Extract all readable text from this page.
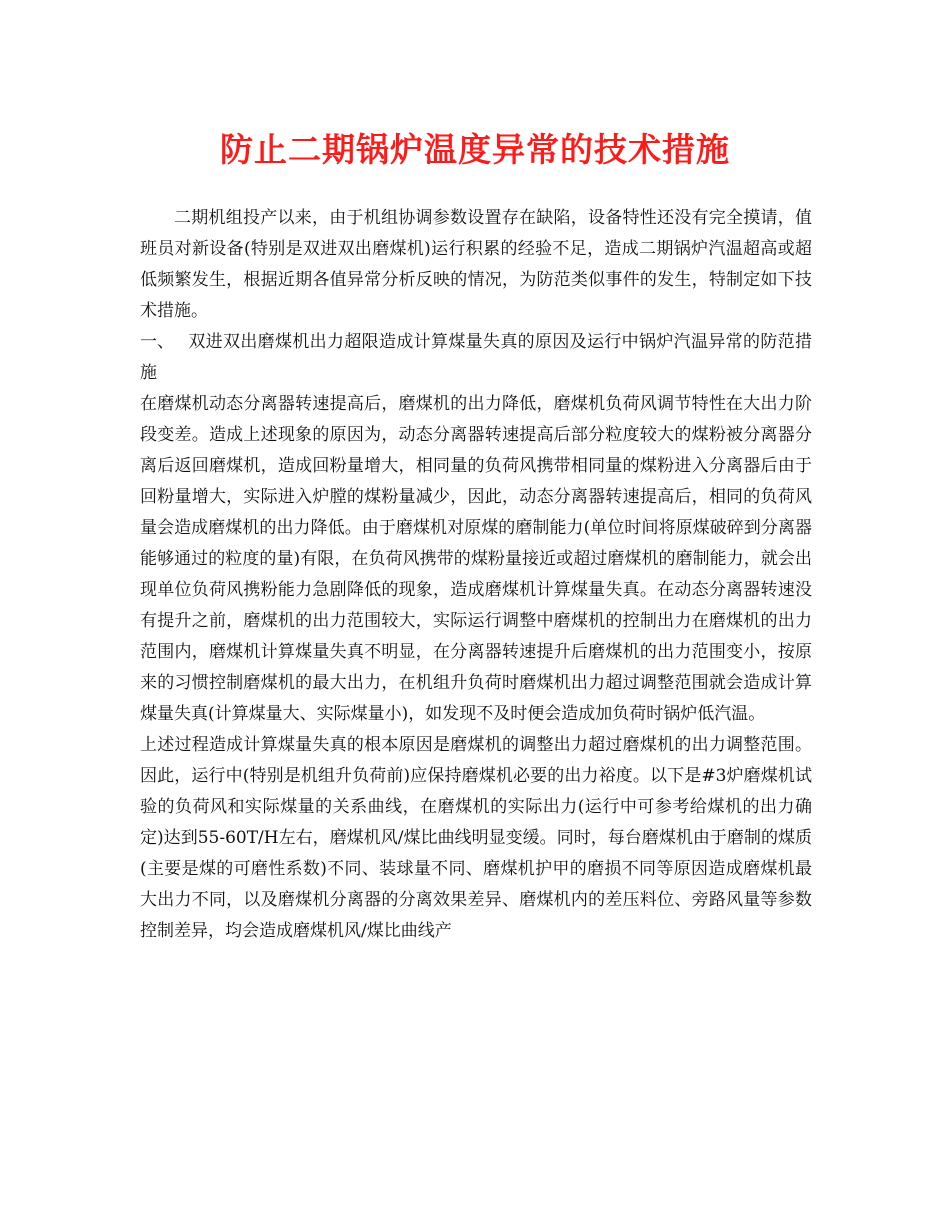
防止二期锅炉温度异常的技术措施

二期机组投产以来，由于机组协调参数设置存在缺陷，设备特性还没有完全摸请，值班员对新设备(特别是双进双出磨煤机)运行积累的经验不足，造成二期锅炉汽温超高或超低频繁发生，根据近期各值异常分析反映的情况，为防范类似事件的发生，特制定如下技术措施。

一、 双进双出磨煤机出力超限造成计算煤量失真的原因及运行中锅炉汽温异常的防范措施

在磨煤机动态分离器转速提高后，磨煤机的出力降低，磨煤机负荷风调节特性在大出力阶段变差。造成上述现象的原因为，动态分离器转速提高后部分粒度较大的煤粉被分离器分离后返回磨煤机，造成回粉量增大，相同量的负荷风携带相同量的煤粉进入分离器后由于回粉量增大，实际进入炉膛的煤粉量减少，因此，动态分离器转速提高后，相同的负荷风量会造成磨煤机的出力降低。由于磨煤机对原煤的磨制能力(单位时间将原煤破碎到分离器能够通过的粒度的量)有限，在负荷风携带的煤粉量接近或超过磨煤机的磨制能力，就会出现单位负荷风携粉能力急剧降低的现象，造成磨煤机计算煤量失真。在动态分离器转速没有提升之前，磨煤机的出力范围较大，实际运行调整中磨煤机的控制出力在磨煤机的出力范围内，磨煤机计算煤量失真不明显，在分离器转速提升后磨煤机的出力范围变小，按原来的习惯控制磨煤机的最大出力，在机组升负荷时磨煤机出力超过调整范围就会造成计算煤量失真(计算煤量大、实际煤量小)，如发现不及时便会造成加负荷时锅炉低汽温。

上述过程造成计算煤量失真的根本原因是磨煤机的调整出力超过磨煤机的出力调整范围。因此，运行中(特别是机组升负荷前)应保持磨煤机必要的出力裕度。以下是#3炉磨煤机试验的负荷风和实际煤量的关系曲线，在磨煤机的实际出力(运行中可参考给煤机的出力确定)达到55-60T/H左右，磨煤机风/煤比曲线明显变缓。同时，每台磨煤机由于磨制的煤质(主要是煤的可磨性系数)不同、装球量不同、磨煤机护甲的磨损不同等原因造成磨煤机最大出力不同，以及磨煤机分离器的分离效果差异、磨煤机内的差压料位、旁路风量等参数控制差异，均会造成磨煤机风/煤比曲线产
